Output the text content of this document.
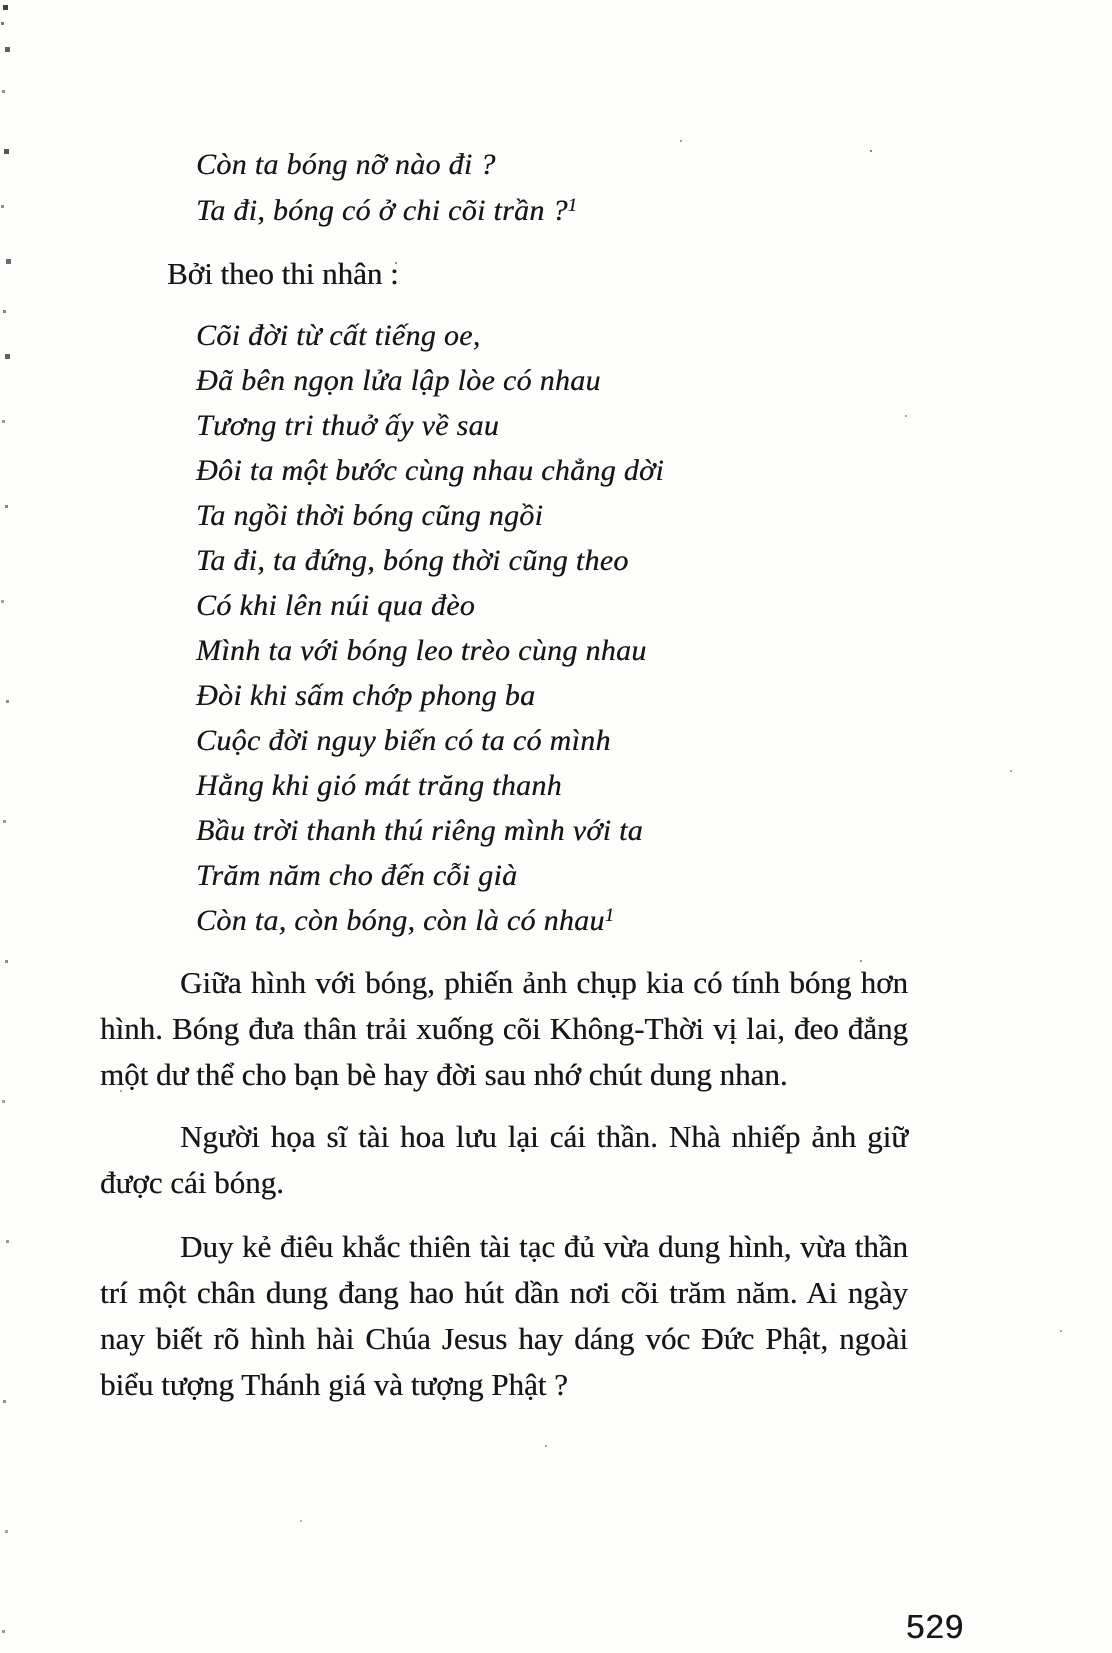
Còn ta bóng nỡ nào đi ?
Ta đi, bóng có ở chi cõi trần ?$^1$
Bởi theo thi nhân :
Cõi đời từ cất tiếng oe,
Đã bên ngọn lửa lập lòe có nhau
Tương tri thuở ấy về sau
Đôi ta một bước cùng nhau chẳng dời
Ta ngồi thời bóng cũng ngồi
Ta đi, ta đứng, bóng thời cũng theo
Có khi lên núi qua đèo
Mình ta với bóng leo trèo cùng nhau
Đòi khi sấm chớp phong ba
Cuộc đời nguy biến có ta có mình
Hằng khi gió mát trăng thanh
Bầu trời thanh thú riêng mình với ta
Trăm năm cho đến cỗi già
Còn ta, còn bóng, còn là có nhau$^1$

Giữa hình với bóng, phiến ảnh chụp kia có tính bóng hơn hình. Bóng đưa thân trải xuống cõi Không-Thời vị lai, đeo đẳng một dư thể cho bạn bè hay đời sau nhớ chút dung nhan.

Người họa sĩ tài hoa lưu lại cái thần. Nhà nhiếp ảnh giữ được cái bóng.

Duy kẻ điêu khắc thiên tài tạc đủ vừa dung hình, vừa thần trí một chân dung đang hao hút dần nơi cõi trăm năm. Ai ngày nay biết rõ hình hài Chúa Jesus hay dáng vóc Đức Phật, ngoài biểu tượng Thánh giá và tượng Phật ?

529
